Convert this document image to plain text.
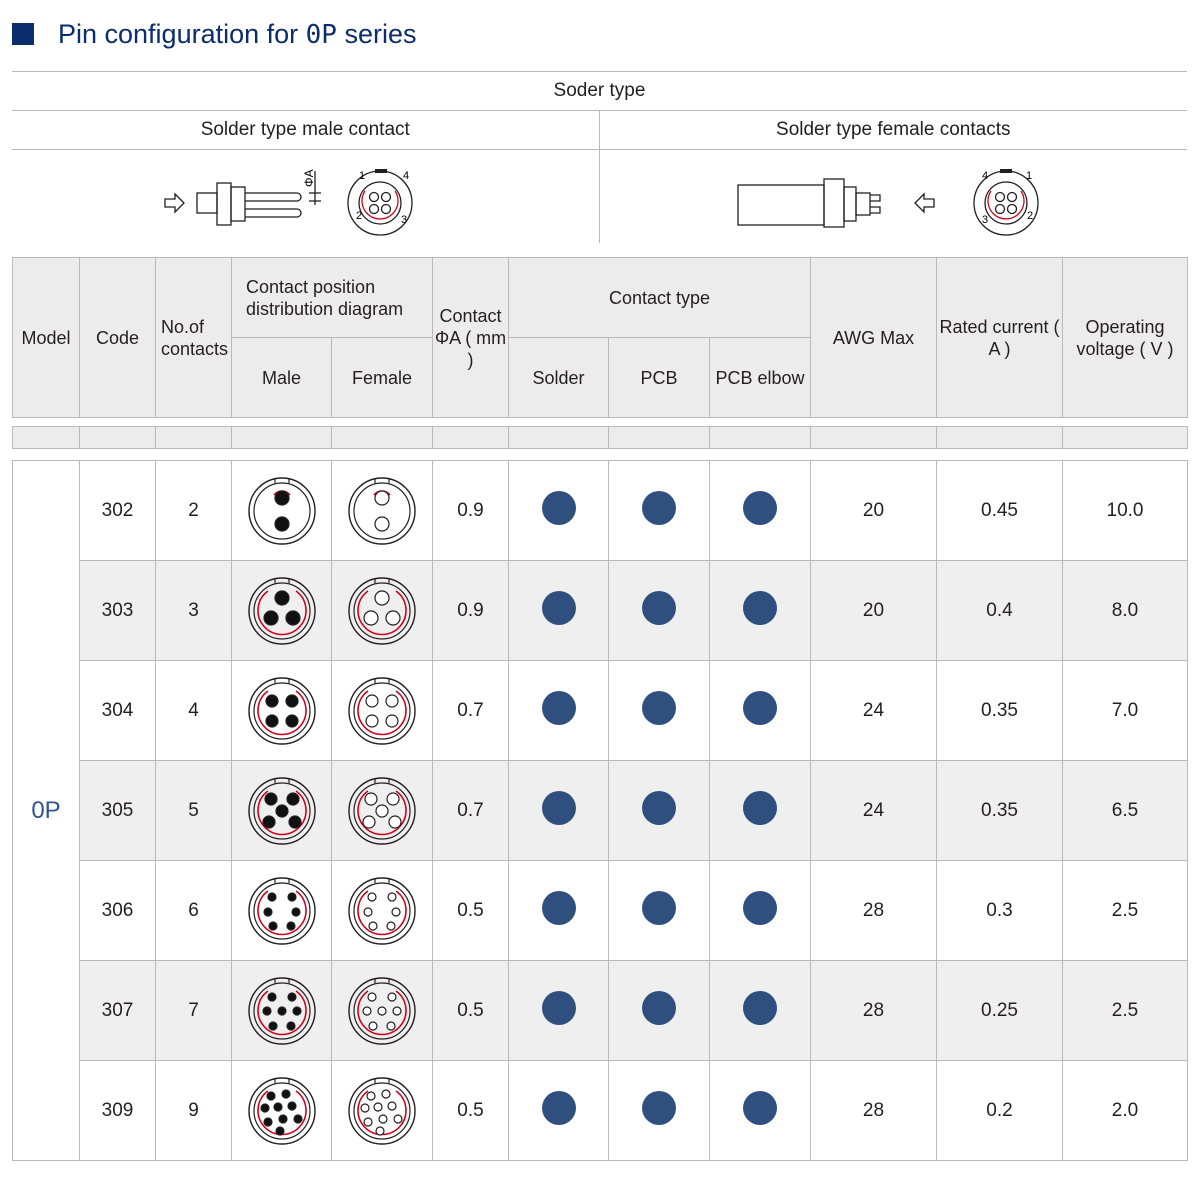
Pin configuration for 0P series
Soder type	
Solder type male contact	Solder type female contacts

ΦA 1
2 3
4	1
2
3
4
Model	Code	No.of contacts	Contact position distribution diagram		Contact ΦA ( mm )	Contact type			AWG Max	Rated current ( A )	Operating voltage ( V )
			Male	Female		Solder	PCB	PCB elbow			

0P	302	2			0.9				20	0.45	10.0
	303	3			0.9				20	0.4	8.0
	304	4			0.7				24	0.35	7.0
	305	5			0.7				24	0.35	6.5
	306	6			0.5				28	0.3	2.5
	307	7			0.5				28	0.25	2.5
	309	9			0.5				28	0.2	2.0
